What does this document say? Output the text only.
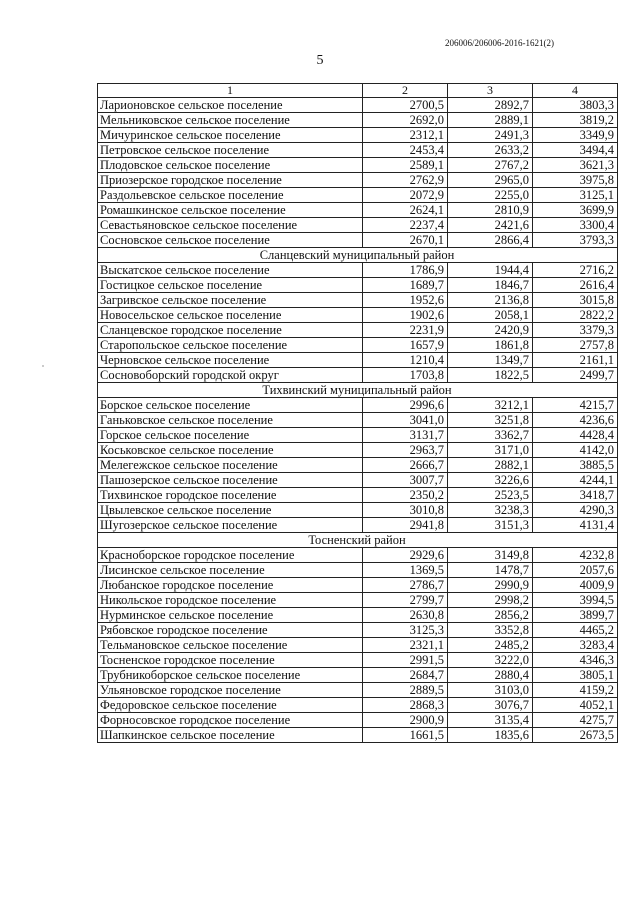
206006/206006-2016-1621(2)
5
1	2	3	4
Ларионовское сельское поселение	2700,5	2892,7	3803,3
Мельниковское сельское поселение	2692,0	2889,1	3819,2
Мичуринское сельское поселение	2312,1	2491,3	3349,9
Петровское сельское поселение	2453,4	2633,2	3494,4
Плодовское сельское поселение	2589,1	2767,2	3621,3
Приозерское городское поселение	2762,9	2965,0	3975,8
Раздольевское сельское поселение	2072,9	2255,0	3125,1
Ромашкинское сельское поселение	2624,1	2810,9	3699,9
Севастьяновское сельское поселение	2237,4	2421,6	3300,4
Сосновское сельское поселение	2670,1	2866,4	3793,3
Сланцевский муниципальный район			
Выскатское сельское поселение	1786,9	1944,4	2716,2
Гостицкое сельское поселение	1689,7	1846,7	2616,4
Загривское сельское поселение	1952,6	2136,8	3015,8
Новосельское сельское поселение	1902,6	2058,1	2822,2
Сланцевское городское поселение	2231,9	2420,9	3379,3
Старопольское сельское поселение	1657,9	1861,8	2757,8
Черновское сельское поселение	1210,4	1349,7	2161,1
Сосновоборский городской округ	1703,8	1822,5	2499,7
Тихвинский муниципальный район			
Борское сельское поселение	2996,6	3212,1	4215,7
Ганьковское сельское поселение	3041,0	3251,8	4236,6
Горское сельское поселение	3131,7	3362,7	4428,4
Коськовское сельское поселение	2963,7	3171,0	4142,0
Мелегежское сельское поселение	2666,7	2882,1	3885,5
Пашозерское сельское поселение	3007,7	3226,6	4244,1
Тихвинское городское поселение	2350,2	2523,5	3418,7
Цвылевское сельское поселение	3010,8	3238,3	4290,3
Шугозерское сельское поселение	2941,8	3151,3	4131,4
Тосненский район			
Красноборское городское поселение	2929,6	3149,8	4232,8
Лисинское сельское поселение	1369,5	1478,7	2057,6
Любанское городское поселение	2786,7	2990,9	4009,9
Никольское городское поселение	2799,7	2998,2	3994,5
Нурминское сельское поселение	2630,8	2856,2	3899,7
Рябовское городское поселение	3125,3	3352,8	4465,2
Тельмановское сельское поселение	2321,1	2485,2	3283,4
Тосненское городское поселение	2991,5	3222,0	4346,3
Трубникоборское сельское поселение	2684,7	2880,4	3805,1
Ульяновское городское поселение	2889,5	3103,0	4159,2
Федоровское сельское поселение	2868,3	3076,7	4052,1
Форносовское городское поселение	2900,9	3135,4	4275,7
Шапкинское сельское поселение	1661,5	1835,6	2673,5
